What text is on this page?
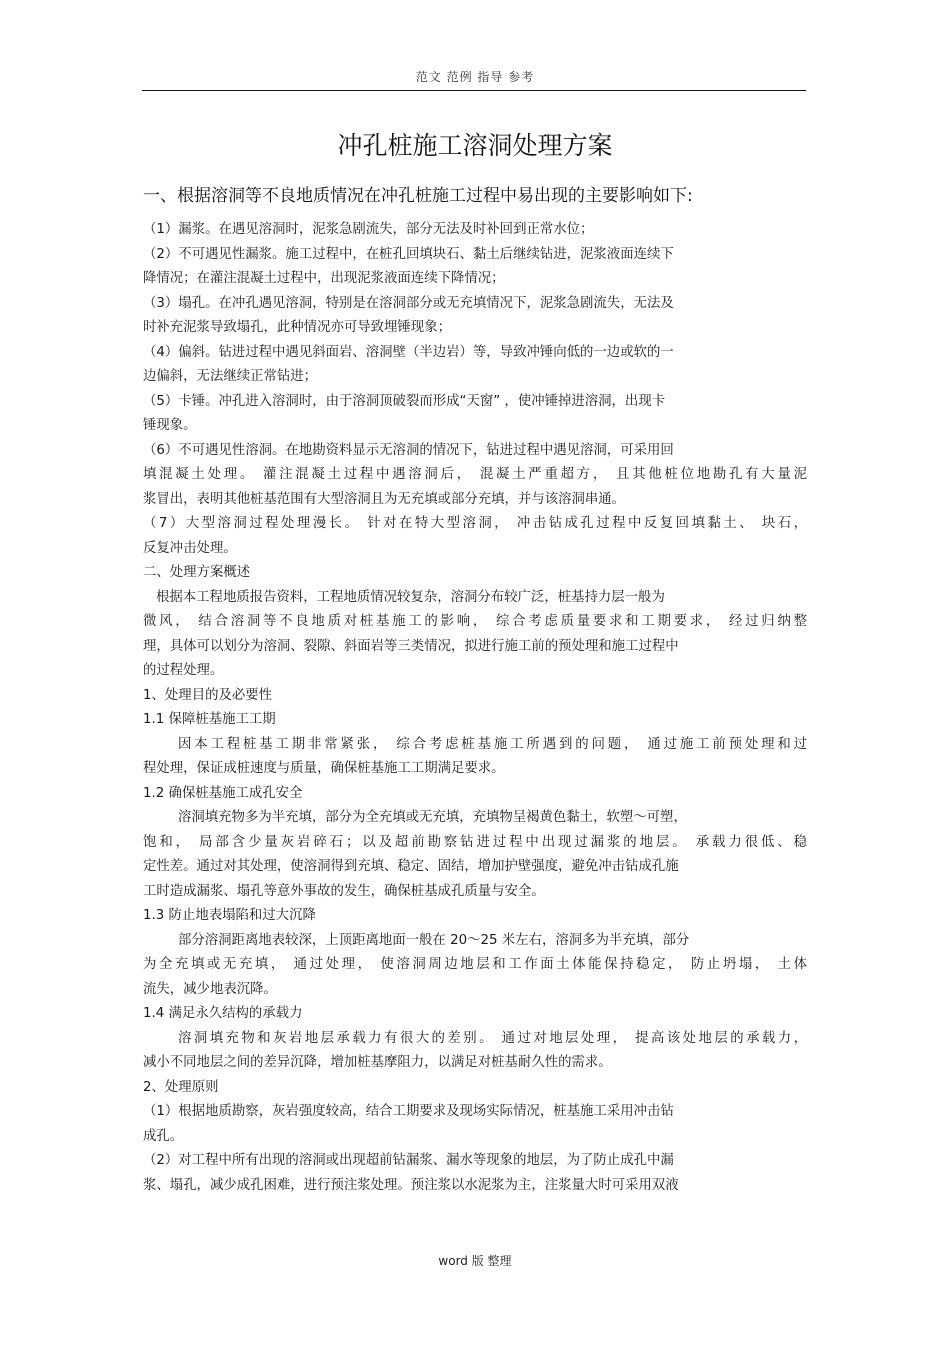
范文 范例 指导 参考
冲孔桩施工溶洞处理方案
一、根据溶洞等不良地质情况在冲孔桩施工过程中易出现的主要影响如下:
（1）漏浆。在遇见溶洞时，泥浆急剧流失，部分无法及时补回到正常水位；
（2）不可遇见性漏浆。施工过程中，在桩孔回填块石、黏土后继续钻进，泥浆液面连续下
降情况；在灌注混凝土过程中，出现泥浆液面连续下降情况；
（3）塌孔。在冲孔遇见溶洞，特别是在溶洞部分或无充填情况下，泥浆急剧流失，无法及
时补充泥浆导致塌孔，此种情况亦可导致埋锤现象；
（4）偏斜。钻进过程中遇见斜面岩、溶洞壁（半边岩）等，导致冲锤向低的一边或软的一
边偏斜，无法继续正常钻进；
（5）卡锤。冲孔进入溶洞时，由于溶洞顶破裂而形成“天窗” ，使冲锤掉进溶洞，出现卡
锤现象。
（6）不可遇见性溶洞。在地勘资料显示无溶洞的情况下，钻进过程中遇见溶洞，可采用回
填混凝土处理。 灌注混凝土过程中遇溶洞后， 混凝土严重超方， 且其他桩位地勘孔有大量泥
浆冒出，表明其他桩基范围有大型溶洞且为无充填或部分充填，并与该溶洞串通。
（7）大型溶洞过程处理漫长。 针对在特大型溶洞， 冲击钻成孔过程中反复回填黏土、 块石，
反复冲击处理。
二、处理方案概述
根据本工程地质报告资料，工程地质情况较复杂，溶洞分布较广泛，桩基持力层一般为
微风， 结合溶洞等不良地质对桩基施工的影响， 综合考虑质量要求和工期要求， 经过归纳整
理，具体可以划分为溶洞、裂隙、斜面岩等三类情况，拟进行施工前的预处理和施工过程中
的过程处理。
1、处理目的及必要性
1.1 保障桩基施工工期
因本工程桩基工期非常紧张， 综合考虑桩基施工所遇到的问题， 通过施工前预处理和过
程处理，保证成桩速度与质量，确保桩基施工工期满足要求。
1.2 确保桩基施工成孔安全
溶洞填充物多为半充填，部分为全充填或无充填，充填物呈褐黄色黏土，软塑～可塑，
饱和， 局部含少量灰岩碎石；以及超前勘察钻进过程中出现过漏浆的地层。 承载力很低、稳
定性差。通过对其处理，使溶洞得到充填、稳定、固结，增加护壁强度，避免冲击钻成孔施
工时造成漏浆、塌孔等意外事故的发生，确保桩基成孔质量与安全。
1.3 防止地表塌陷和过大沉降
部分溶洞距离地表较深，上顶距离地面一般在 20～25 米左右，溶洞多为半充填，部分
为全充填或无充填， 通过处理， 使溶洞周边地层和工作面土体能保持稳定， 防止坍塌， 土体
流失，减少地表沉降。
1.4 满足永久结构的承载力
溶洞填充物和灰岩地层承载力有很大的差别。 通过对地层处理， 提高该处地层的承载力，
减小不同地层之间的差异沉降，增加桩基摩阻力，以满足对桩基耐久性的需求。
2、处理原则
（1）根据地质勘察，灰岩强度较高，结合工期要求及现场实际情况，桩基施工采用冲击钻
成孔。
（2）对工程中所有出现的溶洞或出现超前钻漏浆、漏水等现象的地层，为了防止成孔中漏
浆、塌孔，减少成孔困难，进行预注浆处理。预注浆以水泥浆为主，注浆量大时可采用双液
word 版 整理
